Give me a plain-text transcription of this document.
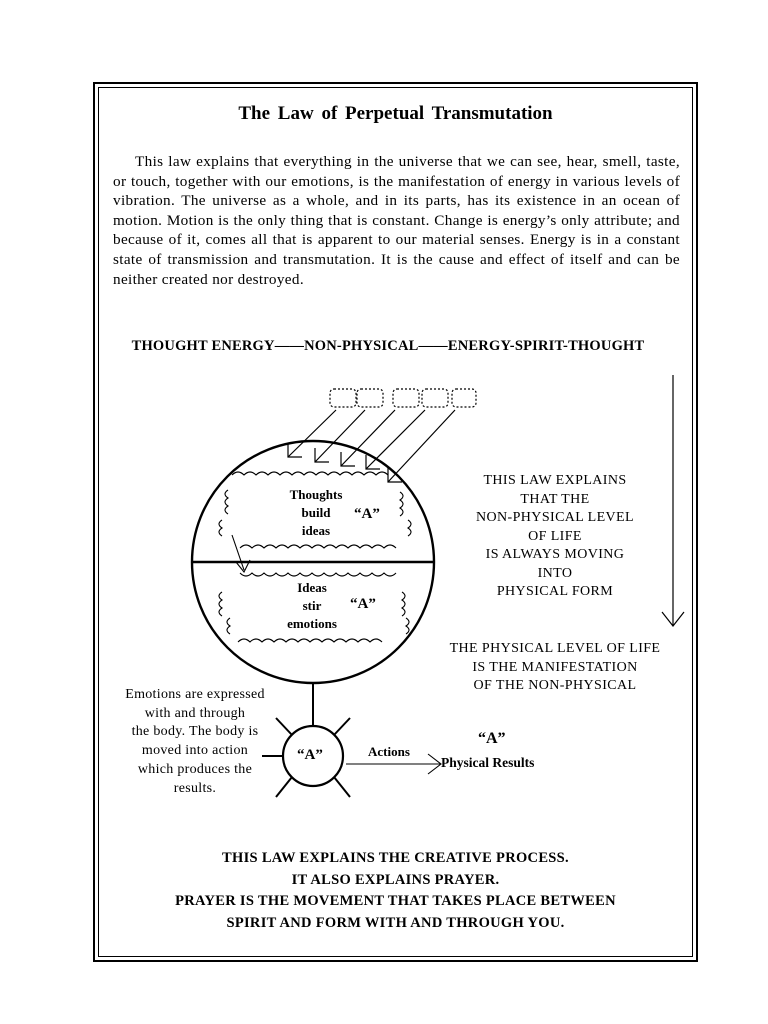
The Law of Perpetual Transmutation

This law explains that everything in the universe that we can see, hear, smell, taste, or touch, together with our emotions, is the manifestation of energy in various levels of vibration. The universe as a whole, and in its parts, has its existence in an ocean of motion. Motion is the only thing that is constant. Change is energy’s only attribute; and because of it, comes all that is apparent to our material senses. Energy is in a constant state of transmission and transmutation. It is the cause and effect of itself and can be neither created nor destroyed.

THOUGHT ENERGY——NON-PHYSICAL——ENERGY-SPIRIT-THOUGHT
Thoughts
build
ideas
“A”
Ideas
stir
emotions
“A”
“A”
THIS LAW EXPLAINS
THAT THE
NON-PHYSICAL LEVEL
OF LIFE
IS ALWAYS MOVING
INTO
PHYSICAL FORM
THE PHYSICAL LEVEL OF LIFE
IS THE MANIFESTATION
OF THE NON-PHYSICAL
Emotions are expressed
with and through
the body. The body is
moved into action
which produces the
results.
Actions
“A”
Physical Results
THIS LAW EXPLAINS THE CREATIVE PROCESS.
IT ALSO EXPLAINS PRAYER.
PRAYER IS THE MOVEMENT THAT TAKES PLACE BETWEEN
SPIRIT AND FORM WITH AND THROUGH YOU.
